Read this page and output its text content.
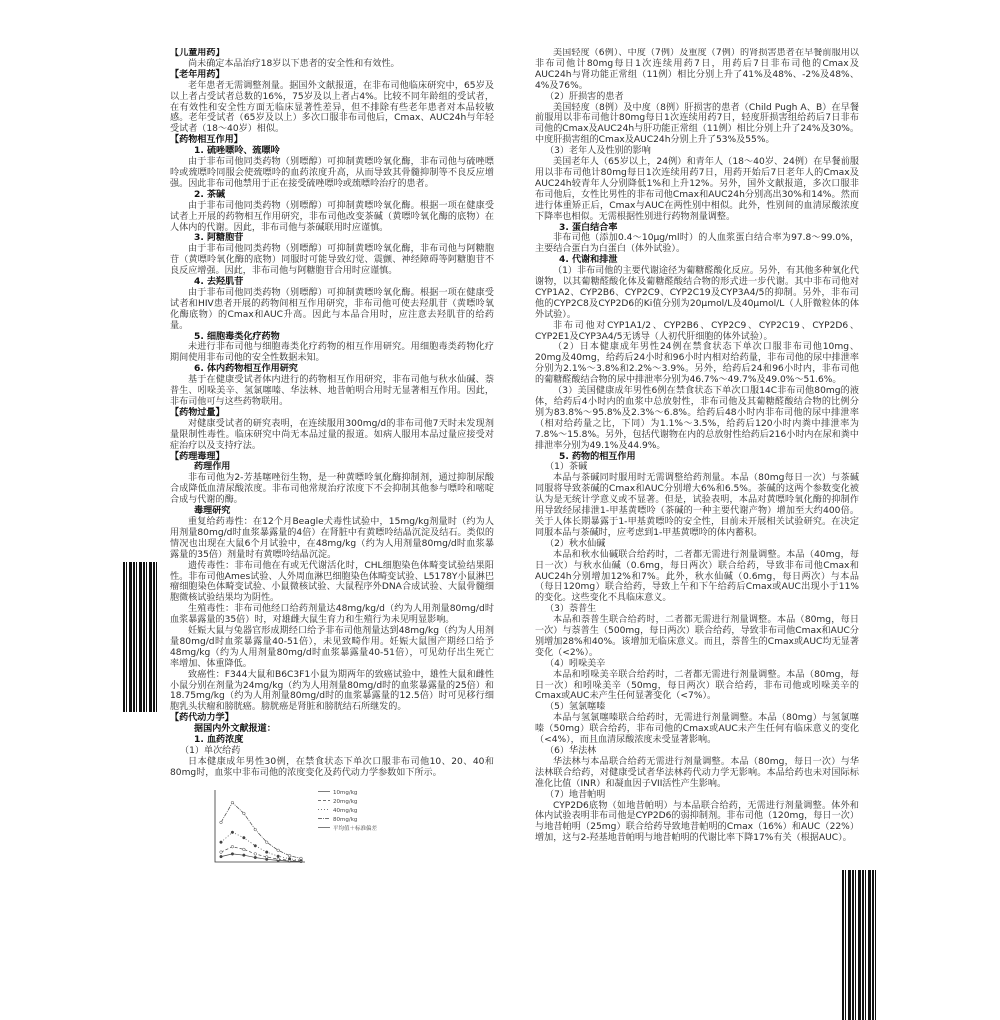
【儿童用药】
尚未确定本品治疗18岁以下患者的安全性和有效性。
【老年用药】
老年患者无需调整剂量。据国外文献报道，在非布司他临床研究中，65岁及以上者占受试者总数的16%，75岁及以上者占4%。比较不同年龄组的受试者，在有效性和安全性方面无临床显著性差异，但不排除有些老年患者对本品较敏感。老年受试者（65岁及以上）多次口服非布司他后，Cmax、AUC24h与年轻受试者（18～40岁）相似。
【药物相互作用】
1. 硫唑嘌呤、巯嘌呤
由于非布司他同类药物（别嘌醇）可抑制黄嘌呤氧化酶，非布司他与硫唑嘌呤或巯嘌呤同服会使巯嘌呤的血药浓度升高，从而导致其骨髓抑制等不良反应增强。因此非布司他禁用于正在接受硫唑嘌呤或巯嘌呤治疗的患者。
2. 茶碱
由于非布司他同类药物（别嘌醇）可抑制黄嘌呤氧化酶。根据一项在健康受试者上开展的药物相互作用研究，非布司他改变茶碱（黄嘌呤氧化酶的底物）在人体内的代谢。因此，非布司他与茶碱联用时应谨慎。
3. 阿糖胞苷
由于非布司他同类药物（别嘌醇）可抑制黄嘌呤氧化酶，非布司他与阿糖胞苷（黄嘌呤氧化酶的底物）同服时可能导致幻觉、震颤、神经障碍等阿糖胞苷不良反应增强。因此，非布司他与阿糖胞苷合用时应谨慎。
4. 去羟肌苷
由于非布司他同类药物（别嘌醇）可抑制黄嘌呤氧化酶。根据一项在健康受试者和HIV患者开展的药物间相互作用研究，非布司他可使去羟肌苷（黄嘌呤氧化酶底物）的Cmax和AUC升高。因此与本品合用时，应注意去羟肌苷的给药量。
5. 细胞毒类化疗药物
未进行非布司他与细胞毒类化疗药物的相互作用研究。用细胞毒类药物化疗期间使用非布司他的安全性数据未知。
6. 体内药物相互作用研究
基于在健康受试者体内进行的药物相互作用研究，非布司他与秋水仙碱、萘普生、吲哚美辛、氢氯噻嗪、华法林、地昔帕明合用时无显著相互作用。因此，非布司他可与这些药物联用。
【药物过量】
对健康受试者的研究表明，在连续服用300mg/d的非布司他7天时未发现剂量限制性毒性。临床研究中尚无本品过量的报道。如病人服用本品过量应接受对症治疗以及支持疗法。
【药理毒理】
药理作用
非布司他为2-芳基噻唑衍生物，是一种黄嘌呤氧化酶抑制剂，通过抑制尿酸合成降低血清尿酸浓度。非布司他常规治疗浓度下不会抑制其他参与嘌呤和嘧啶合成与代谢的酶。
毒理研究
重复给药毒性：在12个月Beagle犬毒性试验中，15mg/kg剂量时（约为人用剂量80mg/d时血浆暴露量的4倍）在肾脏中有黄嘌呤结晶沉淀及结石。类似的情况也出现在大鼠6个月试验中，在48mg/kg（约为人用剂量80mg/d时血浆暴露量的35倍）剂量时有黄嘌呤结晶沉淀。
遗传毒性：非布司他在有或无代谢活化时，CHL细胞染色体畸变试验结果阳性。非布司他Ames试验、人外周血淋巴细胞染色体畸变试验、L5178Y小鼠淋巴瘤细胞染色体畸变试验、小鼠微核试验、大鼠程序外DNA合成试验、大鼠骨髓细胞微核试验结果均为阴性。
生殖毒性：非布司他经口给药剂量达48mg/kg/d（约为人用剂量80mg/d时血浆暴露量的35倍）时，对雄雌大鼠生育力和生殖行为未见明显影响。
妊娠大鼠与兔器官形成期经口给予非布司他剂量达到48mg/kg（约为人用剂量80mg/d时血浆暴露量40-51倍），未见致畸作用。妊娠大鼠围产期经口给予48mg/kg（约为人用剂量80mg/d时血浆暴露量40-51倍），可见幼仔出生死亡率增加、体重降低。
致癌性：F344大鼠和B6C3F1小鼠为期两年的致癌试验中，雄性大鼠和雌性小鼠分别在剂量为24mg/kg（约为人用剂量80mg/d时的血浆暴露量的25倍）和18.75mg/kg（约为人用剂量80mg/d时的血浆暴露量的12.5倍）时可见移行细胞乳头状瘤和膀胱癌。膀胱癌是肾脏和膀胱结石所继发的。
【药代动力学】
据国内外文献报道：
1. 血药浓度
（1）单次给药
日本健康成年男性30例，在禁食状态下单次口服非布司他10、20、40和80mg时，血浆中非布司他的浓度变化及药代动力学参数如下所示。
10mg/kg
20mg/kg
40mg/kg
80mg/kg
平均值＋标准偏差
美国轻度（6例）、中度（7例）及重度（7例）的肾损害患者在早餐前服用以非布司他计80mg每日1次连续用药7日，用药后7日非布司他的Cmax及AUC24h与肾功能正常组（11例）相比分别上升了41%及48%、-2%及48%、4%及76%。
（2）肝损害的患者
美国轻度（8例）及中度（8例）肝损害的患者（Child Pugh A、B）在早餐前服用以非布司他计80mg每日1次连续用药7日，轻度肝损害组给药后7日非布司他的Cmax及AUC24h与肝功能正常组（11例）相比分别上升了24%及30%。中度肝损害组的Cmax及AUC24h分别上升了53%及55%。
（3）老年人及性别的影响
美国老年人（65岁以上，24例）和青年人（18～40岁、24例）在早餐前服用以非布司他计80mg每日1次连续用药7日，用药开始后7日老年人的Cmax及AUC24h较青年人分别降低1%和上升12%。另外，国外文献报道，多次口服非布司他后，女性比男性的非布司他Cmax和AUC24h分别高出30%和14%。然而进行体重矫正后，Cmax与AUC在两性别中相似。此外，性别间的血清尿酸浓度下降率也相似。无需根据性别进行药物剂量调整。
3. 蛋白结合率
非布司他（添加0.4～10μg/ml时）的人血浆蛋白结合率为97.8～99.0%，主要结合蛋白为白蛋白（体外试验）。
4. 代谢和排泄
（1）非布司他的主要代谢途径为葡糖醛酸化反应。另外，有其他多种氧化代谢物，以其葡糖醛酸化体及葡糖醛酸结合物的形式进一步代谢。其中非布司他对CYP1A2、CYP2B6、CYP2C9、CYP2C19及CYP3A4/5的抑制。另外，非布司他的CYP2C8及CYP2D6的Ki值分别为20μmol/L及40μmol/L（人肝微粒体的体外试验）。
非布司他对CYP1A1/2、CYP2B6、CYP2C9、CYP2C19、CYP2D6、CYP2E1及CYP3A4/5无诱导（人初代肝细胞的体外试验）。
（2）日本健康成年男性24例在禁食状态下单次口服非布司他10mg、20mg及40mg，给药后24小时和96小时内相对给药量，非布司他的尿中排泄率分别为2.1%～3.8%和2.2%～3.9%。另外，给药后24和96小时内，非布司他的葡糖醛酸结合物的尿中排泄率分别为46.7%～49.7%及49.0%～51.6%。
（3）美国健康成年男性6例在禁食状态下单次口服14C非布司他80mg的液体，给药后4小时内的血浆中总放射性，非布司他及其葡糖醛酸结合物的比例分别为83.8%～95.8%及2.3%～6.8%。给药后48小时内非布司他的尿中排泄率（相对给药量之比，下同）为1.1%～3.5%，给药后120小时内粪中排泄率为7.8%～15.8%。另外，包括代谢物在内的总放射性给药后216小时内在尿和粪中排泄率分别为49.1%及44.9%。
5. 药物的相互作用
（1）茶碱
本品与茶碱同时服用时无需调整给药剂量。本品（80mg每日一次）与茶碱同服将导致茶碱的Cmax和AUC分别增大6%和6.5%。茶碱的这两个参数变化被认为是无统计学意义或不显著。但是，试验表明，本品对黄嘌呤氧化酶的抑制作用导致经尿排泄1-甲基黄嘌呤（茶碱的一种主要代谢产物）增加至大约400倍。关于人体长期暴露于1-甲基黄嘌呤的安全性，目前未开展相关试验研究。在决定同服本品与茶碱时，应考虑到1-甲基黄嘌呤的体内蓄积。
（2）秋水仙碱
本品和秋水仙碱联合给药时，二者都无需进行剂量调整。本品（40mg，每日一次）与秋水仙碱（0.6mg，每日两次）联合给药，导致非布司他Cmax和AUC24h分别增加12%和7%。此外，秋水仙碱（0.6mg，每日两次）与本品（每日120mg）联合给药，导致上午和下午给药后Cmax或AUC出现小于11%的变化。这些变化不具临床意义。
（3）萘普生
本品和萘普生联合给药时，二者都无需进行剂量调整。本品（80mg，每日一次）与萘普生（500mg，每日两次）联合给药，导致非布司他Cmax和AUC分别增加28%和40%。该增加无临床意义。而且，萘普生的Cmax或AUC均无显著变化（<2%）。
（4）吲哚美辛
本品和吲哚美辛联合给药时，二者都无需进行剂量调整。本品（80mg，每日一次）和吲哚美辛（50mg，每日两次）联合给药，非布司他或吲哚美辛的Cmax或AUC未产生任何显著变化（<7%）。
（5）氢氯噻嗪
本品与氢氯噻嗪联合给药时，无需进行剂量调整。本品（80mg）与氢氯噻嗪（50mg）联合给药，非布司他的Cmax或AUC未产生任何有临床意义的变化（<4%），而且血清尿酸浓度未受显著影响。
（6）华法林
华法林与本品联合给药无需进行剂量调整。本品（80mg，每日一次）与华法林联合给药，对健康受试者华法林药代动力学无影响。本品给药也未对国际标准化比值（INR）和凝血因子VII活性产生影响。
（7）地昔帕明
CYP2D6底物（如地昔帕明）与本品联合给药，无需进行剂量调整。体外和体内试验表明非布司他是CYP2D6的弱抑制剂。非布司他（120mg，每日一次）与地昔帕明（25mg）联合给药导致地昔帕明的Cmax（16%）和AUC（22%）增加，这与2-羟基地昔帕明与地昔帕明的代谢比率下降17%有关（根据AUC）。
